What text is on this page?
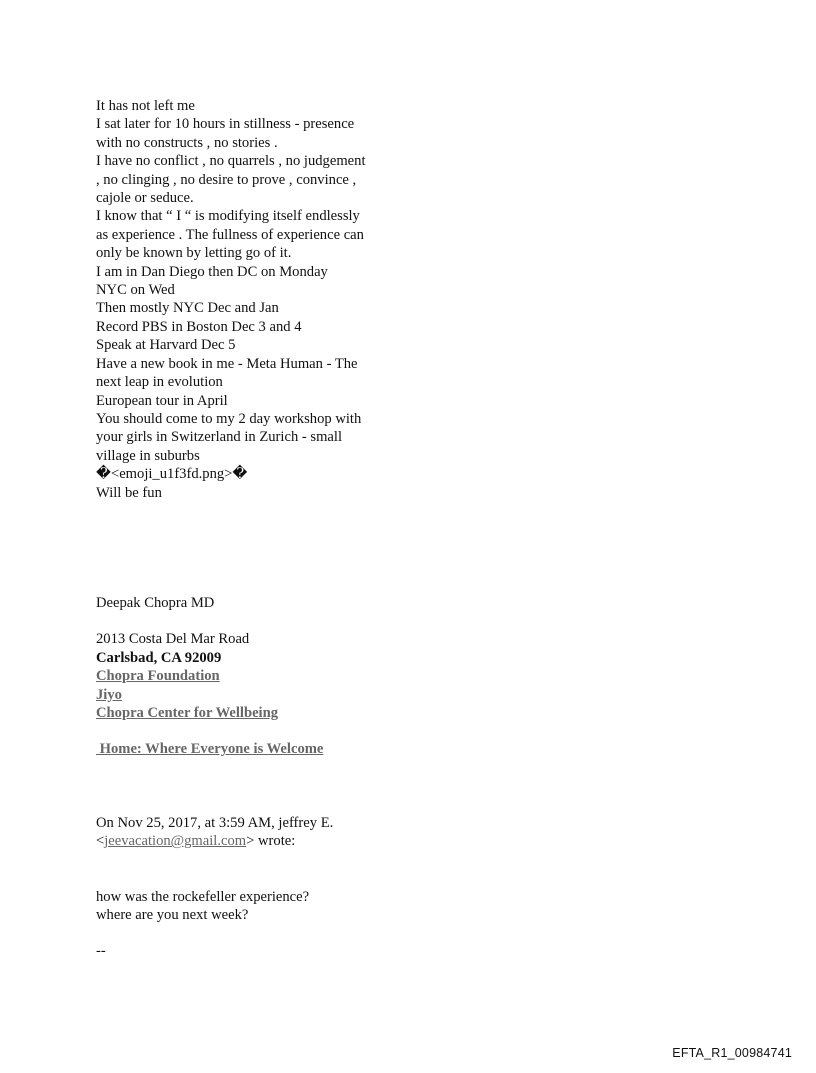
It has not left me
I sat later for 10 hours in stillness - presence
with no constructs , no stories .
I have no conflict , no quarrels , no judgement
, no clinging , no desire to prove , convince ,
cajole or seduce.
I know that “ I “ is modifying itself endlessly
as experience . The fullness of experience can
only be known by letting go of it.
I am in Dan Diego then DC on Monday
NYC on Wed
Then mostly NYC Dec and Jan
Record PBS in Boston Dec 3 and 4
Speak at Harvard Dec 5
Have a new book in me - Meta Human - The
next leap in evolution
European tour in April
You should come to my 2 day workshop with
your girls in Switzerland in Zurich - small
village in suburbs
�<emoji_u1f3fd.png>�
Will be fun
Deepak Chopra MD
2013 Costa Del Mar Road
Carlsbad, CA 92009
Chopra Foundation
Jiyo
Chopra Center for Wellbeing
Home: Where Everyone is Welcome
On Nov 25, 2017, at 3:59 AM, jeffrey E.
<jeevacation@gmail.com> wrote:
how was the rockefeller experience?
where are you next week?
--
EFTA_R1_00984741
